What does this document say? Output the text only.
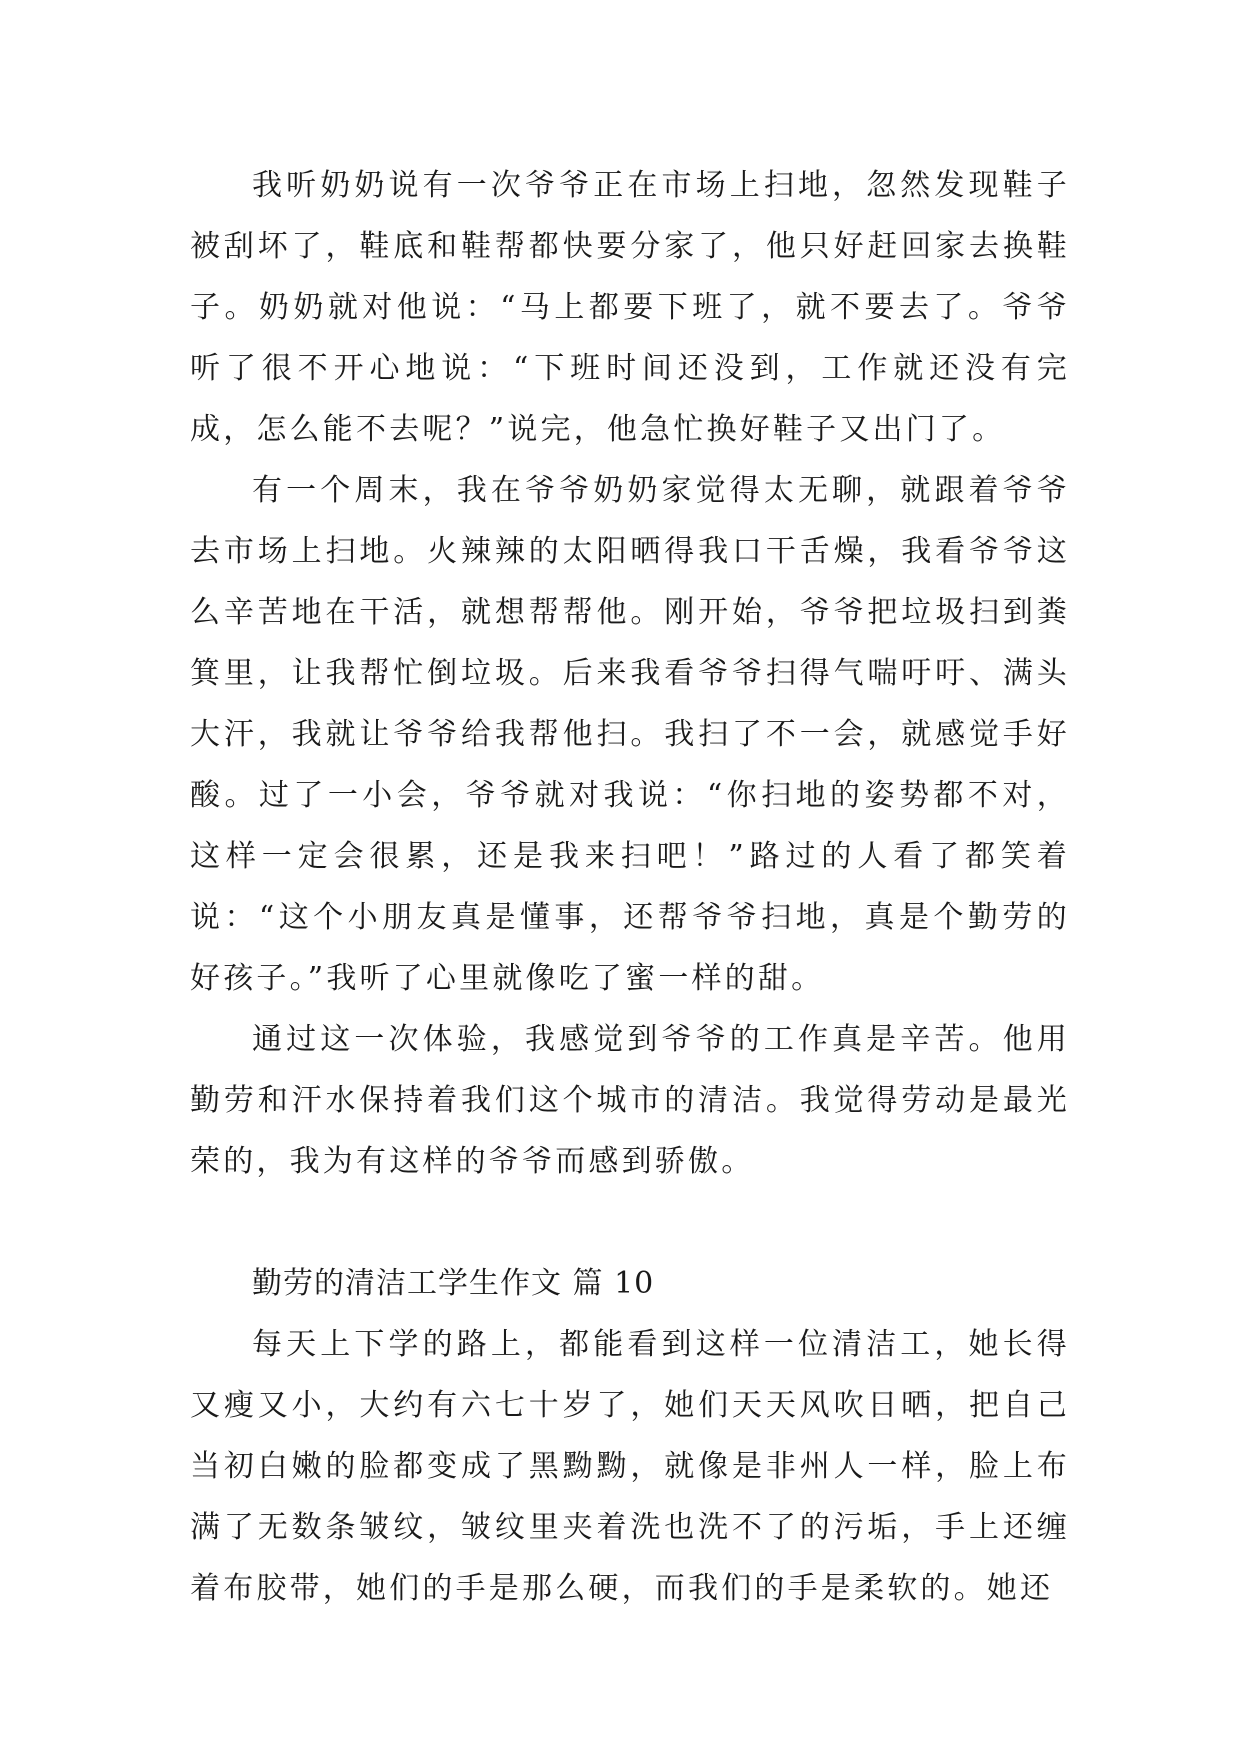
我听奶奶说有一次爷爷正在市场上扫地，忽然发现鞋子被刮坏了，鞋底和鞋帮都快要分家了，他只好赶回家去换鞋子。奶奶就对他说：“马上都要下班了，就不要去了。爷爷听了很不开心地说：“下班时间还没到，工作就还没有完成，怎么能不去呢？”说完，他急忙换好鞋子又出门了。

有一个周末，我在爷爷奶奶家觉得太无聊，就跟着爷爷去市场上扫地。火辣辣的太阳晒得我口干舌燥，我看爷爷这么辛苦地在干活，就想帮帮他。刚开始，爷爷把垃圾扫到粪箕里，让我帮忙倒垃圾。后来我看爷爷扫得气喘吁吁、满头大汗，我就让爷爷给我帮他扫。我扫了不一会，就感觉手好酸。过了一小会，爷爷就对我说：“你扫地的姿势都不对，这样一定会很累，还是我来扫吧！”路过的人看了都笑着说：“这个小朋友真是懂事，还帮爷爷扫地，真是个勤劳的好孩子。”我听了心里就像吃了蜜一样的甜。

通过这一次体验，我感觉到爷爷的工作真是辛苦。他用勤劳和汗水保持着我们这个城市的清洁。我觉得劳动是最光荣的，我为有这样的爷爷而感到骄傲。

勤劳的清洁工学生作文 篇 10

每天上下学的路上，都能看到这样一位清洁工，她长得又瘦又小，大约有六七十岁了，她们天天风吹日晒，把自己当初白嫩的脸都变成了黑黝黝，就像是非州人一样，脸上布满了无数条皱纹，皱纹里夹着洗也洗不了的污垢，手上还缠着布胶带，她们的手是那么硬，而我们的手是柔软的。她还
